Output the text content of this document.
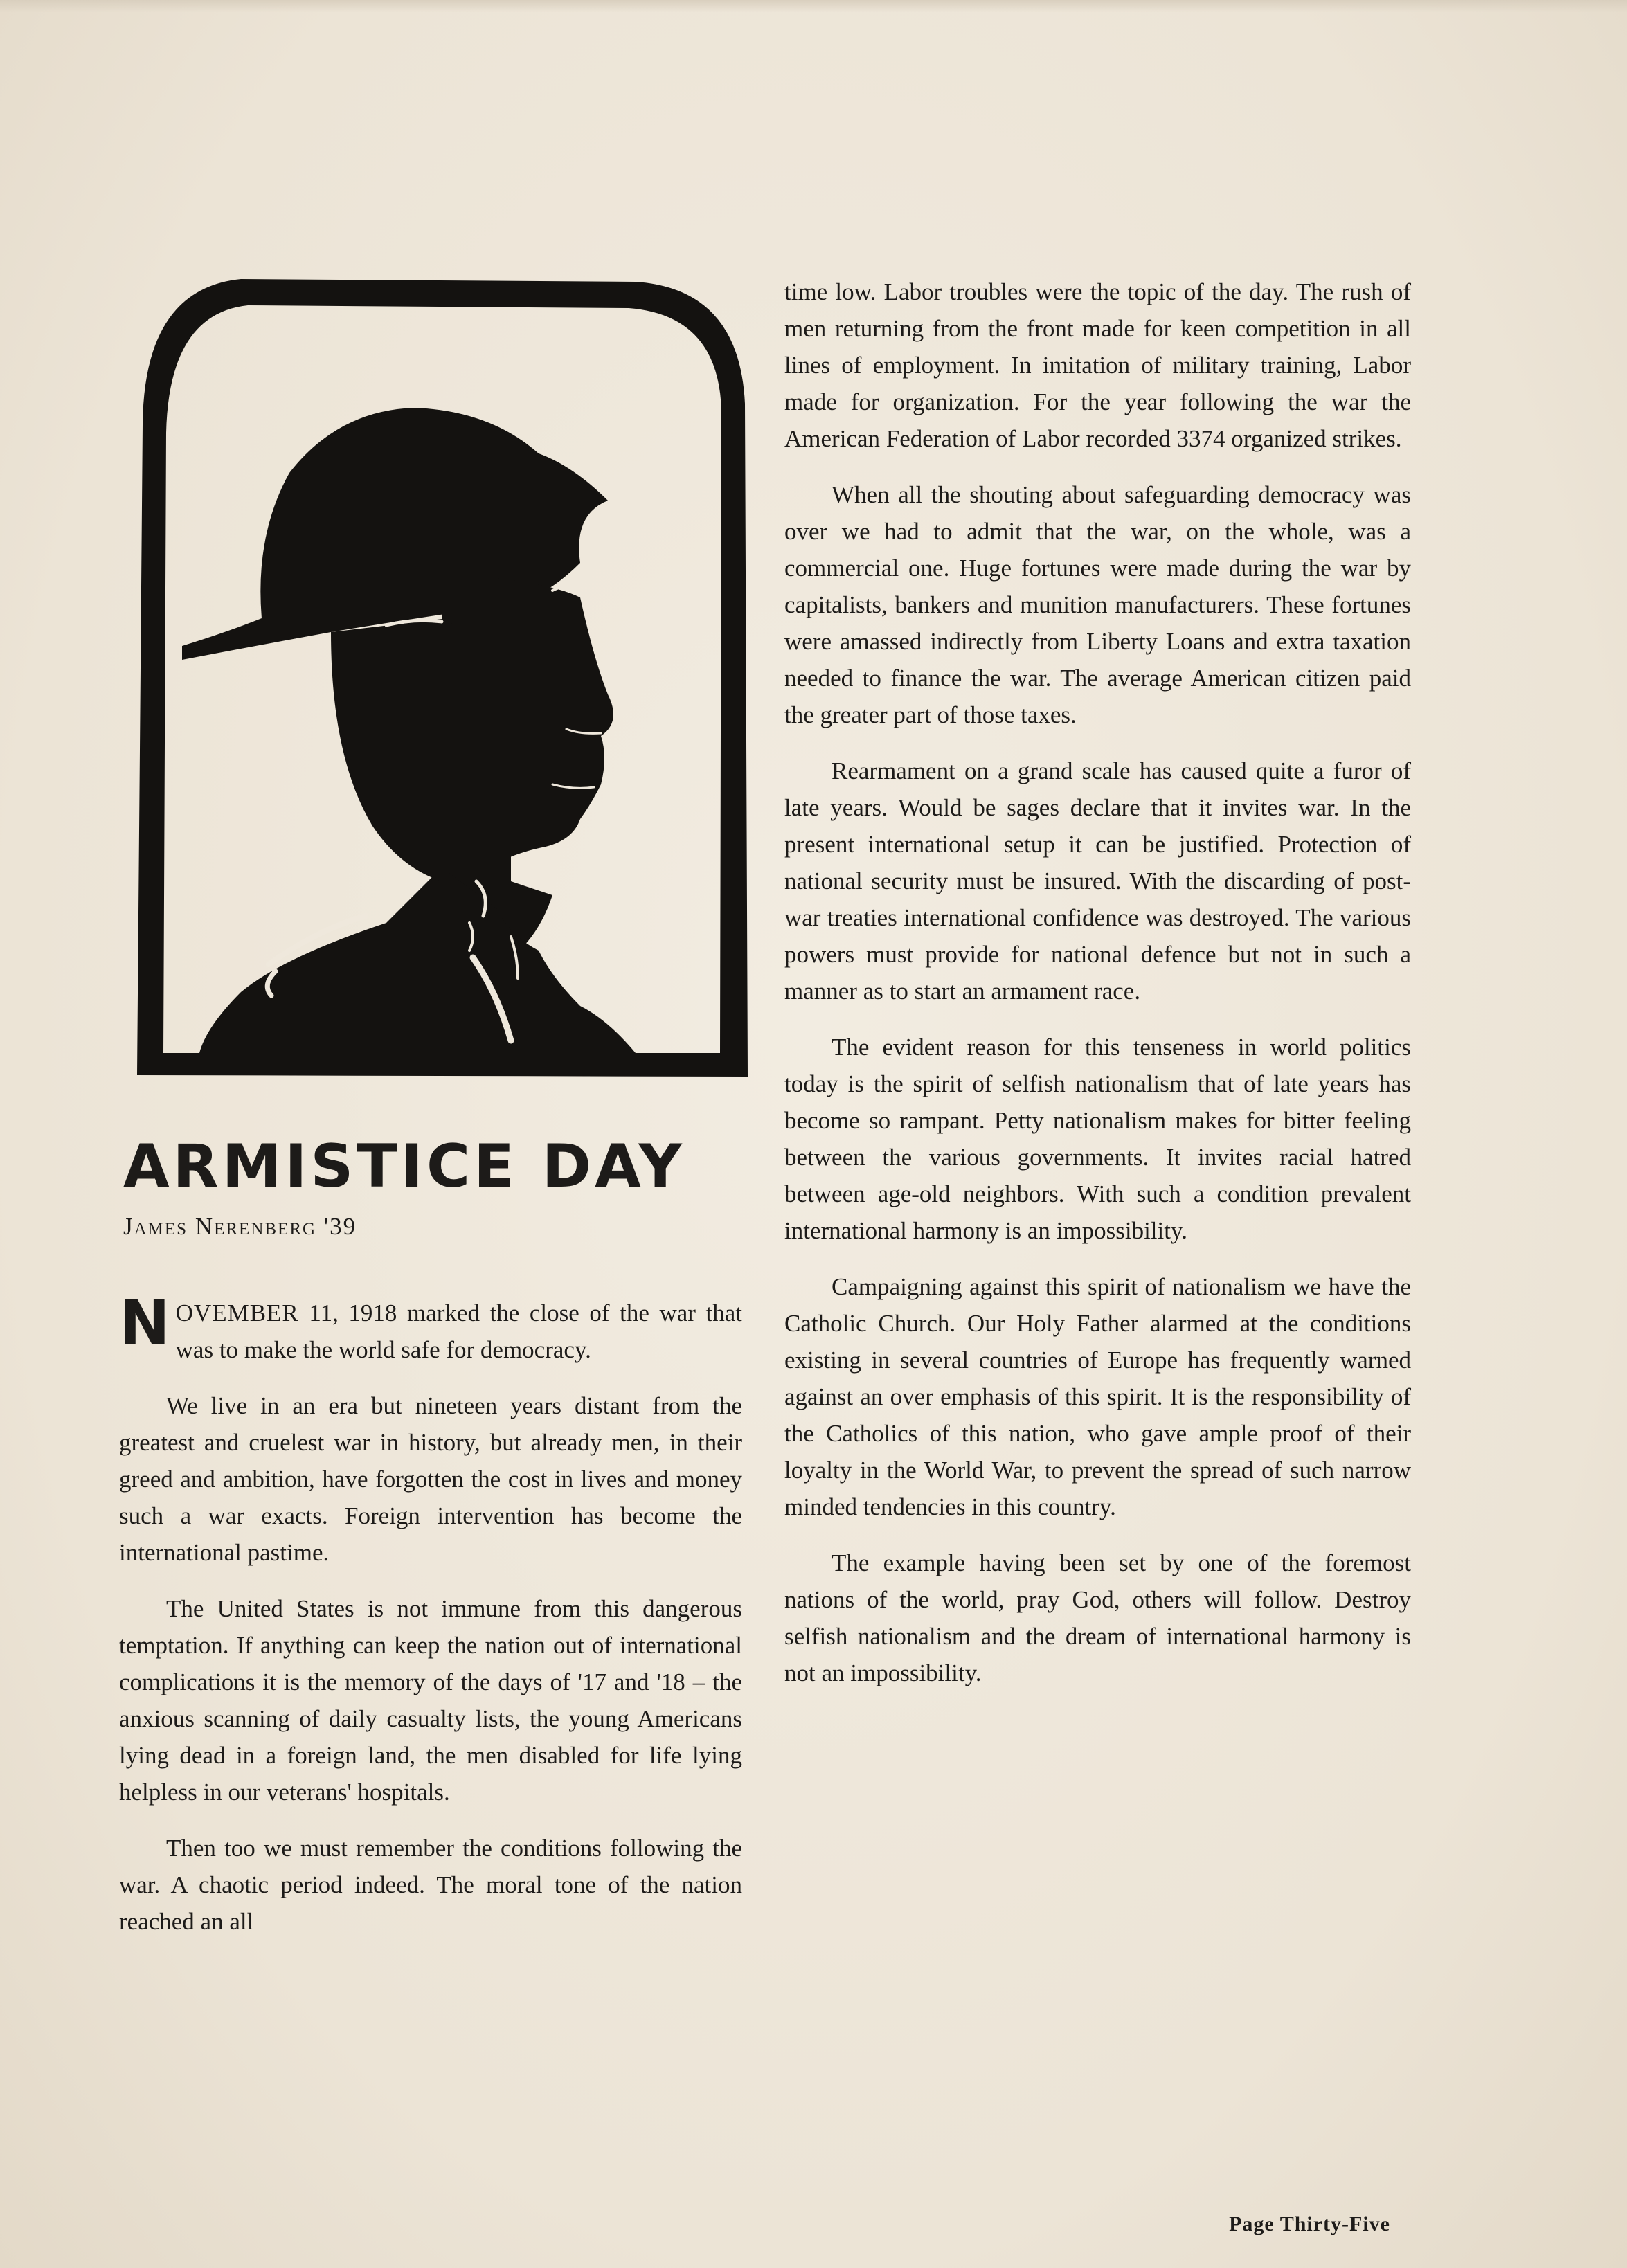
ARMISTICE DAY
James Nerenberg '39

NOVEMBER 11, 1918 marked the close of the war that was to make the world safe for democracy.

We live in an era but nineteen years distant from the greatest and cruelest war in history, but already men, in their greed and ambition, have forgotten the cost in lives and money such a war exacts. Foreign intervention has become the international pastime.

The United States is not immune from this dangerous temptation. If anything can keep the nation out of international complications it is the memory of the days of '17 and '18 – the anxious scanning of daily casualty lists, the young Americans lying dead in a foreign land, the men disabled for life lying helpless in our veterans' hospitals.

Then too we must remember the conditions following the war. A chaotic period indeed. The moral tone of the nation reached an all

time low. Labor troubles were the topic of the day. The rush of men returning from the front made for keen competition in all lines of employment. In imitation of military training, Labor made for organization. For the year following the war the American Federation of Labor recorded 3374 organized strikes.

When all the shouting about safeguarding democracy was over we had to admit that the war, on the whole, was a commercial one. Huge fortunes were made during the war by capitalists, bankers and munition manufacturers. These fortunes were amassed indirectly from Liberty Loans and extra taxation needed to finance the war. The average American citizen paid the greater part of those taxes.

Rearmament on a grand scale has caused quite a furor of late years. Would be sages declare that it invites war. In the present international setup it can be justified. Protection of national security must be insured. With the discarding of post-war treaties international confidence was destroyed. The various powers must provide for national defence but not in such a manner as to start an armament race.

The evident reason for this tenseness in world politics today is the spirit of selfish nationalism that of late years has become so rampant. Petty nationalism makes for bitter feeling between the various governments. It invites racial hatred between age-old neighbors. With such a condition prevalent international harmony is an impossibility.

Campaigning against this spirit of nationalism we have the Catholic Church. Our Holy Father alarmed at the conditions existing in several countries of Europe has frequently warned against an over emphasis of this spirit. It is the responsibility of the Catholics of this nation, who gave ample proof of their loyalty in the World War, to prevent the spread of such narrow minded tendencies in this country.

The example having been set by one of the foremost nations of the world, pray God, others will follow. Destroy selfish nationalism and the dream of international harmony is not an impossibility.

Page Thirty-Five
